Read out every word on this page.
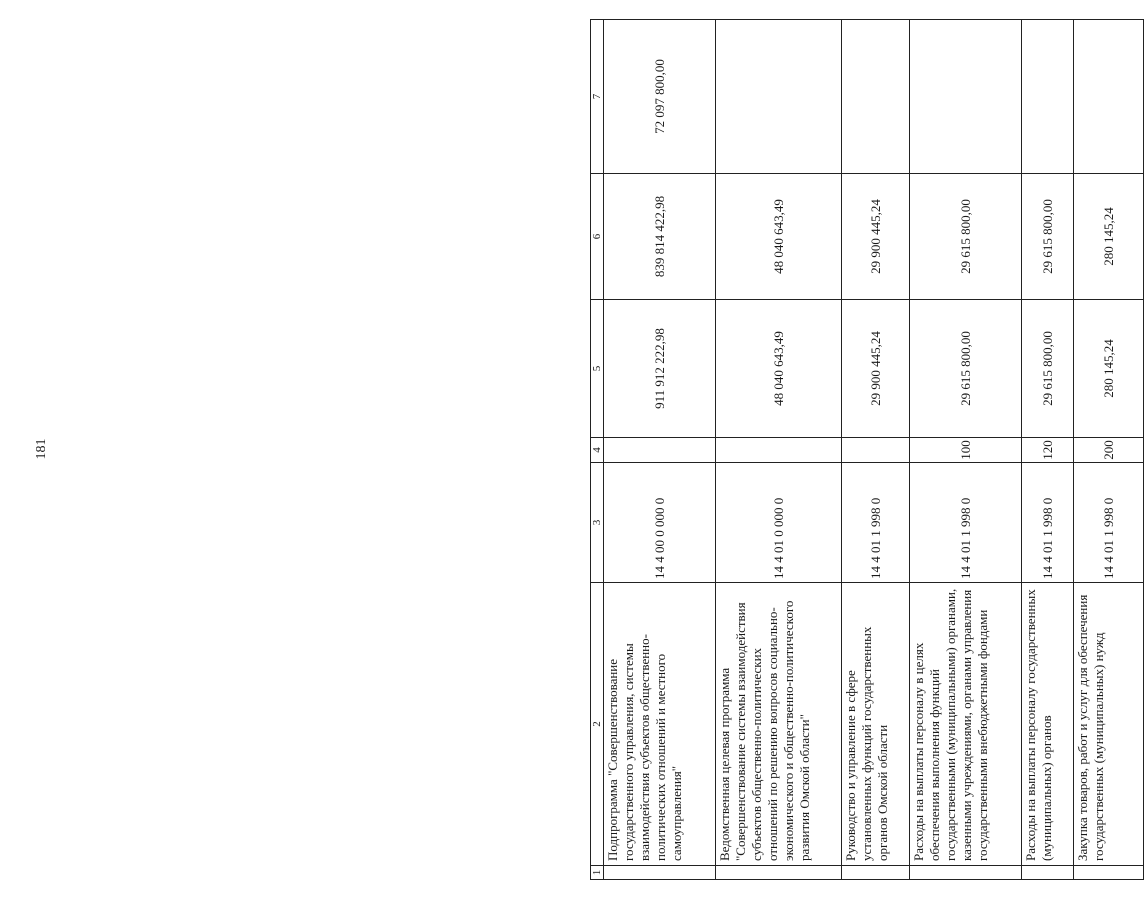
181
1	2	3	4	5	6	7
	Подпрограмма "Совершенствование государственного управления, системы взаимодействия субъектов общественно-политических отношений и местного самоуправления"	14 4 00 0 000 0		911 912 222,98	839 814 422,98	72 097 800,00
	Ведомственная целевая программа "Совершенствование системы взаимодействия субъектов общественно-политических отношений по решению вопросов социально-экономического и общественно-политического развития Омской области"	14 4 01 0 000 0		48 040 643,49	48 040 643,49	
	Руководство и управление в сфере установленных функций государственных органов Омской области	14 4 01 1 998 0		29 900 445,24	29 900 445,24	
	Расходы на выплаты персоналу в целях обеспечения выполнения функций государственными (муниципальными) органами, казенными учреждениями, органами управления государственными внебюджетными фондами	14 4 01 1 998 0	100	29 615 800,00	29 615 800,00	
	Расходы на выплаты персоналу государственных (муниципальных) органов	14 4 01 1 998 0	120	29 615 800,00	29 615 800,00	
	Закупка товаров, работ и услуг для обеспечения государственных (муниципальных) нужд	14 4 01 1 998 0	200	280 145,24	280 145,24	
